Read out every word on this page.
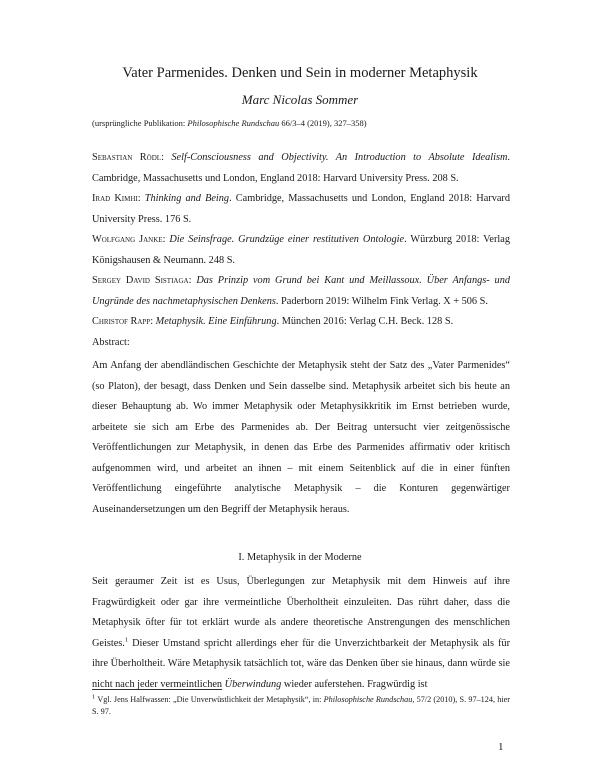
Vater Parmenides. Denken und Sein in moderner Metaphysik
Marc Nicolas Sommer
(ursprüngliche Publikation: Philosophische Rundschau 66/3–4 (2019), 327–358)

Sebastian Rödl: Self-Consciousness and Objectivity. An Introduction to Absolute Idealism. Cambridge, Massachusetts und London, England 2018: Harvard University Press. 208 S.

Irad Kimhi: Thinking and Being. Cambridge, Massachusetts und London, England 2018: Harvard University Press. 176 S.

Wolfgang Janke: Die Seinsfrage. Grundzüge einer restitutiven Ontologie. Würzburg 2018: Verlag Königshausen & Neumann. 248 S.

Sergey David Sistiaga: Das Prinzip vom Grund bei Kant und Meillassoux. Über Anfangs- und Ungründe des nachmetaphysischen Denkens. Paderborn 2019: Wilhelm Fink Verlag. X + 506 S.

Christof Rapp: Metaphysik. Eine Einführung. München 2016: Verlag C.H. Beck. 128 S.

Abstract:

Am Anfang der abendländischen Geschichte der Metaphysik steht der Satz des „Vater Parmenides“ (so Platon), der besagt, dass Denken und Sein dasselbe sind. Metaphysik arbeitet sich bis heute an dieser Behauptung ab. Wo immer Metaphysik oder Metaphysikkritik im Ernst betrieben wurde, arbeitete sie sich am Erbe des Parmenides ab. Der Beitrag untersucht vier zeitgenössische Veröffentlichungen zur Metaphysik, in denen das Erbe des Parmenides affirmativ oder kritisch aufgenommen wird, und arbeitet an ihnen – mit einem Seitenblick auf die in einer fünften Veröffentlichung eingeführte analytische Metaphysik – die Konturen gegenwärtiger Auseinandersetzungen um den Begriff der Metaphysik heraus.

I. Metaphysik in der Moderne

Seit geraumer Zeit ist es Usus, Überlegungen zur Metaphysik mit dem Hinweis auf ihre Fragwürdigkeit oder gar ihre vermeintliche Überholtheit einzuleiten. Das rührt daher, dass die Metaphysik öfter für tot erklärt wurde als andere theoretische Anstrengungen des menschlichen Geistes.$^1$ Dieser Umstand spricht allerdings eher für die Unverzichtbarkeit der Metaphysik als für ihre Überholtheit. Wäre Metaphysik tatsächlich tot, wäre das Denken über sie hinaus, dann würde sie nicht nach jeder vermeintlichen Überwindung wieder auferstehen. Fragwürdig ist

$^1$ Vgl. Jens Halfwassen: „Die Unverwüstlichkeit der Metaphysik“, in: Philosophische Rundschau, 57/2 (2010), S. 97–124, hier S. 97.

1
